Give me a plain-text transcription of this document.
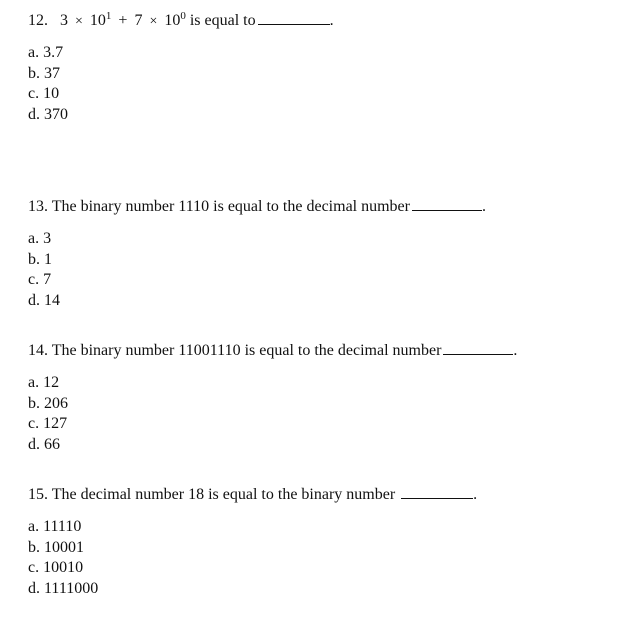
12. $3 \times 10^1 + 7 \times 10^0$ is equal to	.
a. 3.7
b. 37
c. 10
d. 370
13. The binary number 1110 is equal to the decimal number	.
a. 3
b. 1
c. 7
d. 14
14. The binary number 11001110 is equal to the decimal number	.
a. 12
b. 206
c. 127
d. 66
15. The decimal number 18 is equal to the binary number	.
a. 11110
b. 10001
c. 10010
d. 1111000
